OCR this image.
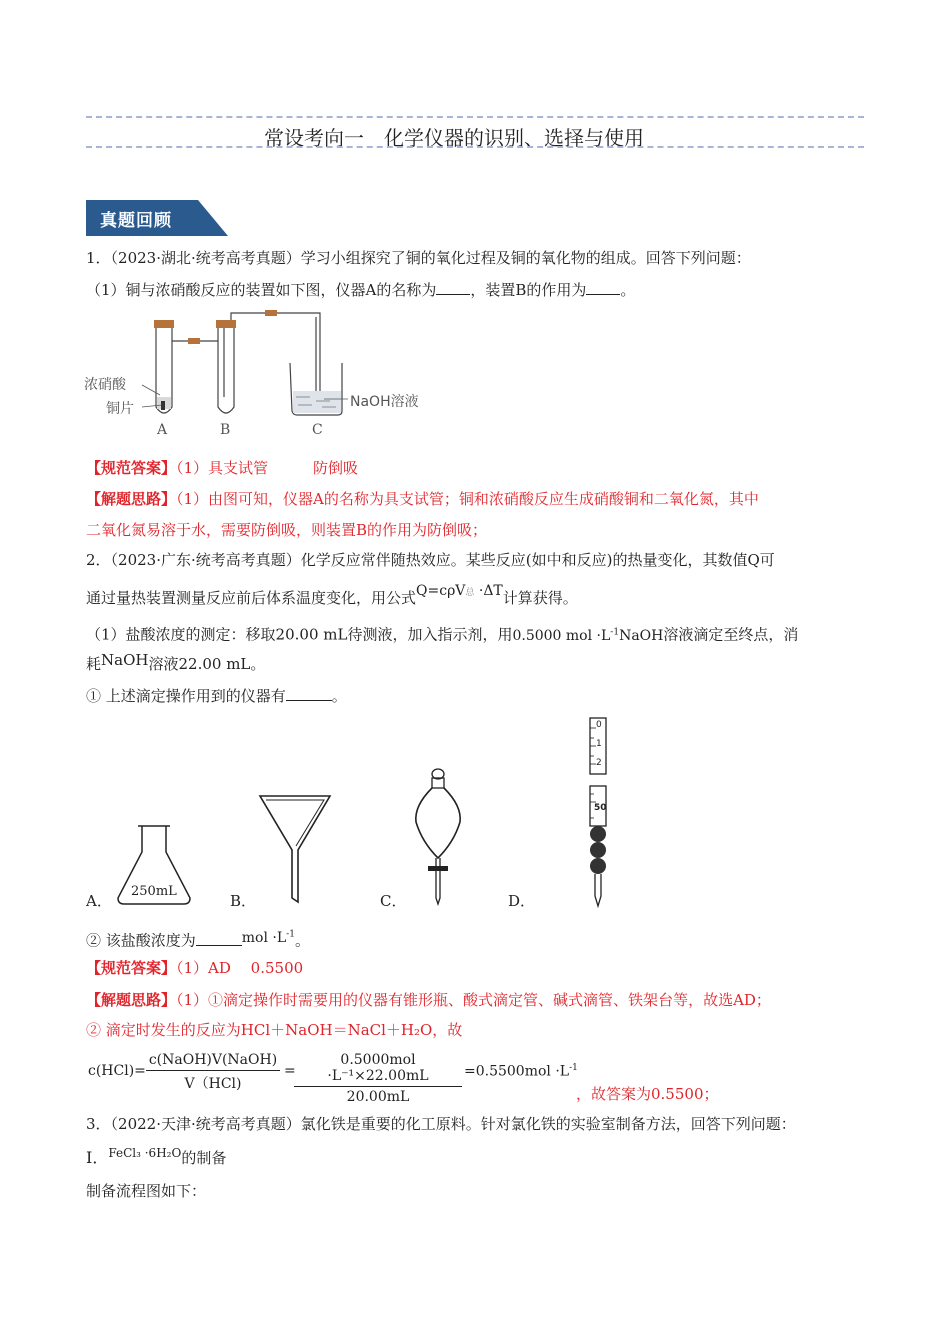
常设考向一　化学仪器的识别、选择与使用
真题回顾
1．（2023·湖北·统考高考真题）学习小组探究了铜的氧化过程及铜的氧化物的组成。回答下列问题：
（1）铜与浓硝酸反应的装置如下图，仪器A的名称为 ，装置B的作用为 。
浓硝酸
铜片	NaOH溶液
A	B	C
【规范答案】（1）具支试管　　　防倒吸
【解题思路】（1）由图可知，仪器A的名称为具支试管；铜和浓硝酸反应生成硝酸铜和二氧化氮，其中
二氧化氮易溶于水，需要防倒吸，则装置B的作用为防倒吸；
2．（2023·广东·统考高考真题）化学反应常伴随热效应。某些反应(如中和反应)的热量变化，其数值Q可
通过量热装置测量反应前后体系温度变化，用公式Q=cρV总 ·ΔT计算获得。
（1）盐酸浓度的测定：移取20.00 mL待测液，加入指示剂，用0.5000 mol $\cdot L^{-1}NaOH$溶液滴定至终点，消
耗NaOH溶液22.00 mL。
① 上述滴定操作用到的仪器有	。
250mL
0
1
2
50
A．	B．	C．	D．
② 该盐酸浓度为	mol $\cdot L^{-1}$。
【规范答案】（1）AD　 0.5500
【解题思路】（1）①滴定操作时需要用的仪器有锥形瓶、酸式滴定管、碱式滴管、铁架台等，故选AD；
② 滴定时发生的反应为HCl＋NaOH＝NaCl＋H₂O，故
c(HCl)=
c(NaOH)V(NaOH)
V（HCl)
=
0.5000mol ·L⁻¹×22.00mL
20.00mL
$=0.5500mol \cdot L^{-1}$
，故答案为0.5500；
3．（2022·天津·统考高考真题）氯化铁是重要的化工原料。针对氯化铁的实验室制备方法，回答下列问题：
I．$^{FeCl_3 \cdot 6H_2O}$的制备
制备流程图如下：
